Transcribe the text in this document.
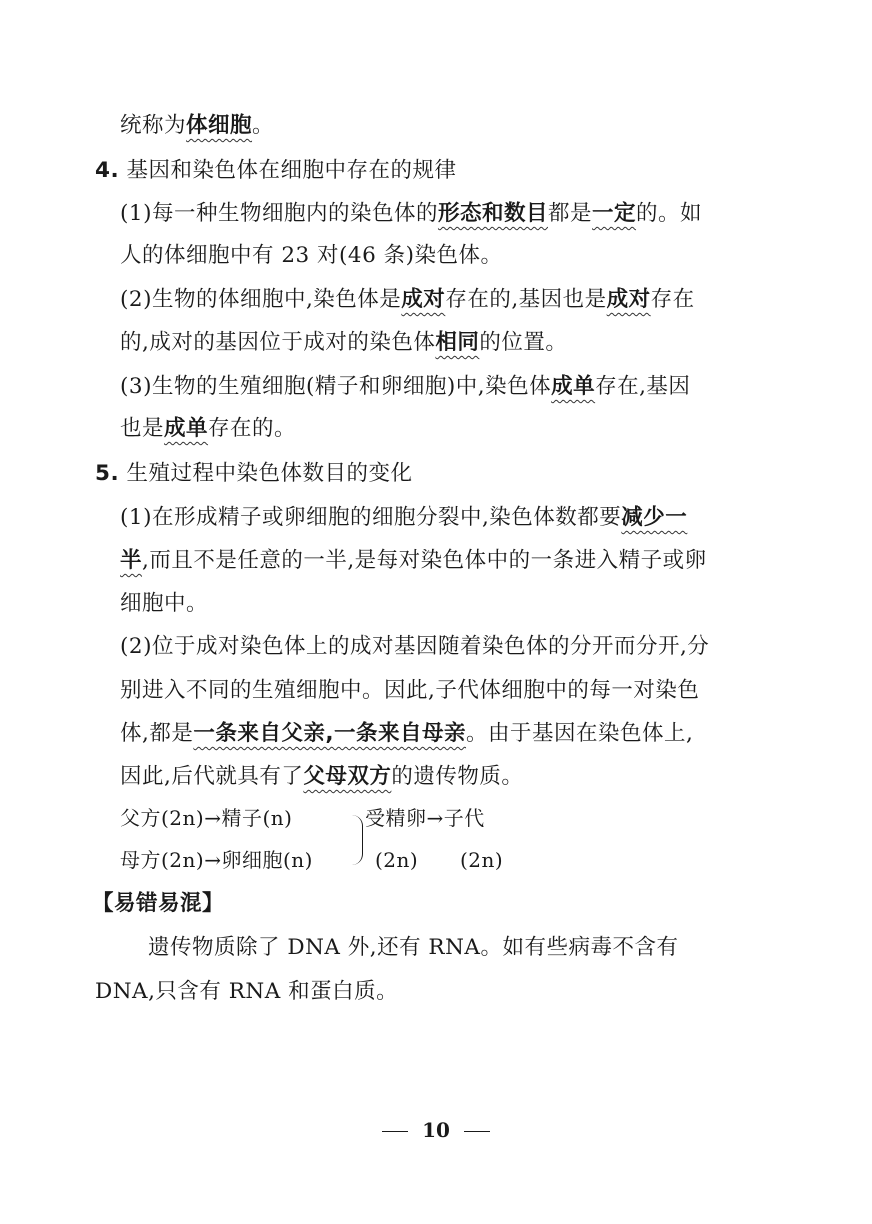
统称为体细胞。
4. 基因和染色体在细胞中存在的规律
(1)每一种生物细胞内的染色体的形态和数目都是一定的。如
人的体细胞中有 23 对(46 条)染色体。
(2)生物的体细胞中,染色体是成对存在的,基因也是成对存在
的,成对的基因位于成对的染色体相同的位置。
(3)生物的生殖细胞(精子和卵细胞)中,染色体成单存在,基因
也是成单存在的。
5. 生殖过程中染色体数目的变化
(1)在形成精子或卵细胞的细胞分裂中,染色体数都要减少一
半,而且不是任意的一半,是每对染色体中的一条进入精子或卵
细胞中。
(2)位于成对染色体上的成对基因随着染色体的分开而分开,分
别进入不同的生殖细胞中。因此,子代体细胞中的每一对染色
体,都是一条来自父亲,一条来自母亲。由于基因在染色体上,
因此,后代就具有了父母双方的遗传物质。
父方(2n)→精子(n)	受精卵→子代
母方(2n)→卵细胞(n)	(2n) (2n)
【易错易混】
遗传物质除了 DNA 外,还有 RNA。如有些病毒不含有
DNA,只含有 RNA 和蛋白质。
10
